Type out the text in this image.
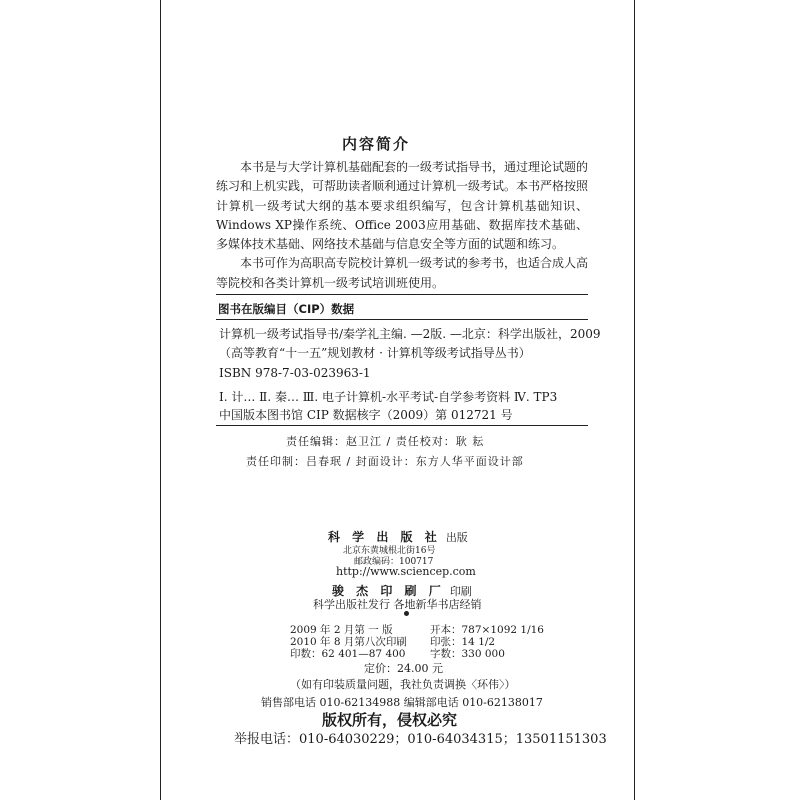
内容简介

本书是与大学计算机基础配套的一级考试指导书，通过理论试题的练习和上机实践，可帮助读者顺利通过计算机一级考试。本书严格按照计算机一级考试大纲的基本要求组织编写，包含计算机基础知识、Windows XP操作系统、Office 2003应用基础、数据库技术基础、多媒体技术基础、网络技术基础与信息安全等方面的试题和练习。

本书可作为高职高专院校计算机一级考试的参考书，也适合成人高等院校和各类计算机一级考试培训班使用。

图书在版编目（CIP）数据
计算机一级考试指导书/秦学礼主编. —2版. —北京：科学出版社，2009
（高等教育“十一五”规划教材 · 计算机等级考试指导丛书）
ISBN 978-7-03-023963-1
Ⅰ. 计… Ⅱ. 秦… Ⅲ. 电子计算机-水平考试-自学参考资料 Ⅳ. TP3
中国版本图书馆 CIP 数据核字（2009）第 012721 号
责任编辑：赵卫江 / 责任校对：耿 耘
责任印制：吕春珉 / 封面设计：东方人华平面设计部
科 学 出 版 社 出版
北京东黄城根北街16号
邮政编码：100717
http://www.sciencep.com
骏 杰 印 刷 厂 印刷
科学出版社发行 各地新华书店经销
2009 年 2 月第 一 版
2010 年 8 月第八次印刷
印数：62 401—87 400
开本：787×1092 1/16
印张：14 1/2
字数：330 000
定价：24.00 元
（如有印装质量问题，我社负责调换〈环伟〉）
销售部电话 010-62134988 编辑部电话 010-62138017
版权所有，侵权必究
举报电话：010-64030229；010-64034315；13501151303
